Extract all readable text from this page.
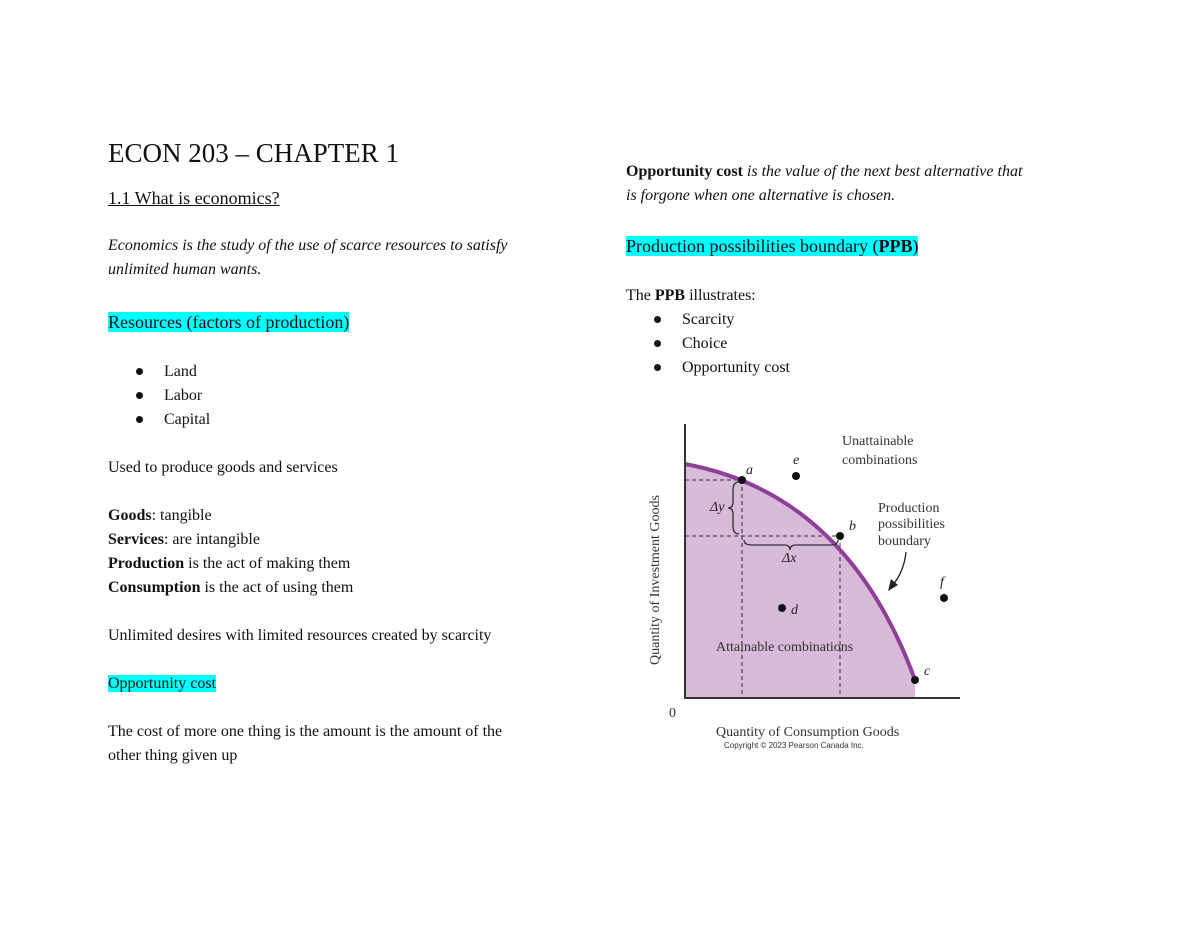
ECON 203 – CHAPTER 1

1.1 What is economics?

Economics is the study of the use of scarce resources to satisfy

unlimited human wants.

Resources (factors of production)

Land
Labor
Capital

Used to produce goods and services

Goods: tangible

Services: are intangible

Production is the act of making them

Consumption is the act of using them

Unlimited desires with limited resources created by scarcity

Opportunity cost

The cost of more one thing is the amount is the amount of the

other thing given up

Opportunity cost is the value of the next best alternative that

is forgone when one alternative is chosen.

Production possibilities boundary (PPB)

The PPB illustrates:

Scarcity
Choice
Opportunity cost
a
b
c
d
e
f
Δy
Δx
Unattainable
combinations
Production
possibilities
boundary
Attainable combinations
Quantity of Investment Goods
0
Quantity of Consumption Goods
Copyright © 2023 Pearson Canada Inc.
